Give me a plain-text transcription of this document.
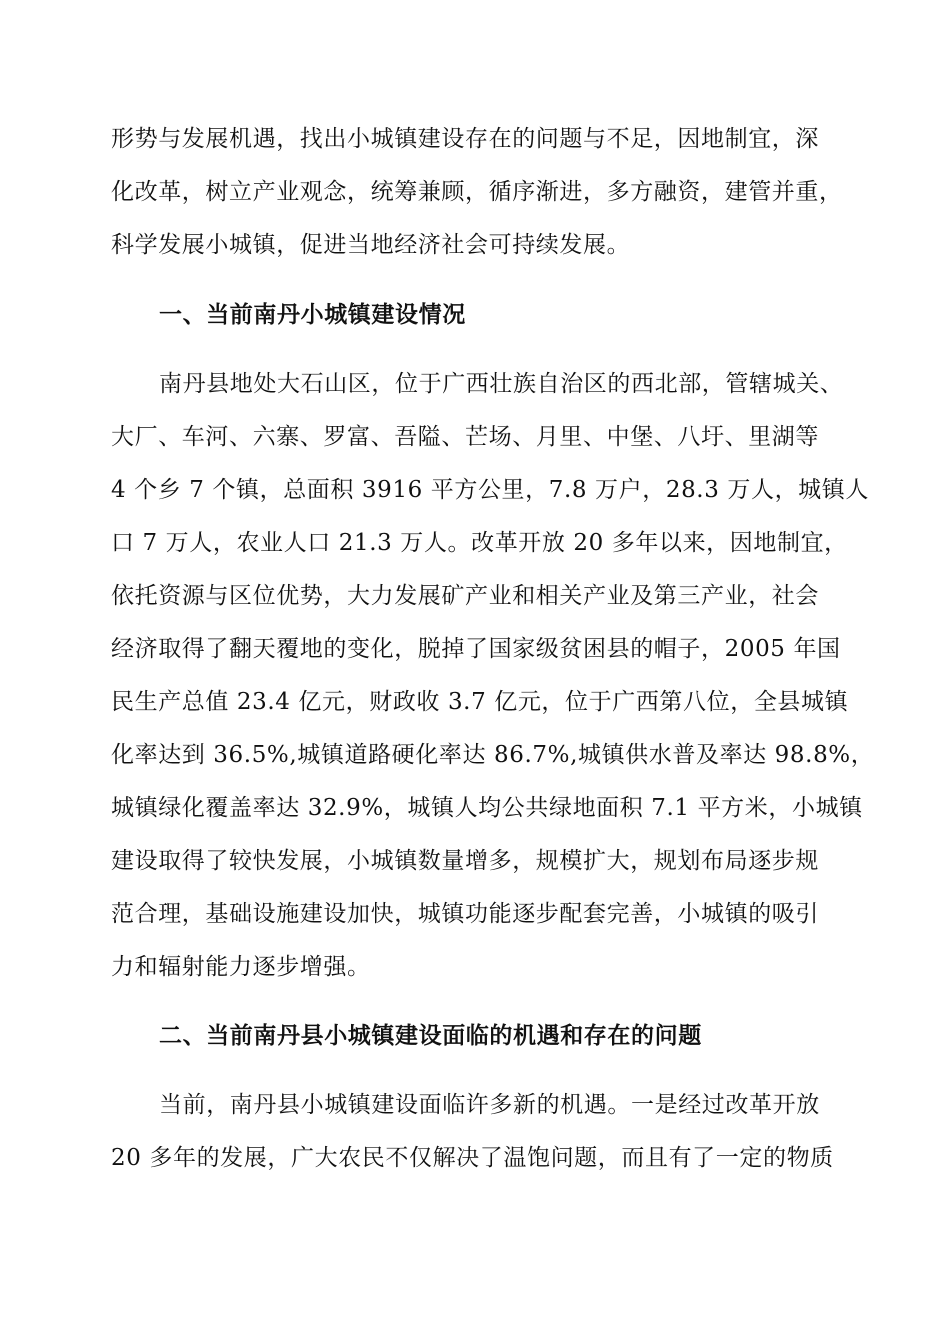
形势与发展机遇，找出小城镇建设存在的问题与不足，因地制宜，深
化改革，树立产业观念，统筹兼顾，循序渐进，多方融资，建管并重，
科学发展小城镇，促进当地经济社会可持续发展。
一、当前南丹小城镇建设情况
南丹县地处大石山区，位于广西壮族自治区的西北部，管辖城关、
大厂、车河、六寨、罗富、吾隘、芒场、月里、中堡、八圩、里湖等
4 个乡 7 个镇，总面积 3916 平方公里，7.8 万户，28.3 万人，城镇人
口 7 万人，农业人口 21.3 万人。改革开放 20 多年以来，因地制宜，
依托资源与区位优势，大力发展矿产业和相关产业及第三产业，社会
经济取得了翻天覆地的变化，脱掉了国家级贫困县的帽子，2005 年国
民生产总值 23.4 亿元，财政收 3.7 亿元，位于广西第八位，全县城镇
化率达到 36.5%,城镇道路硬化率达 86.7%,城镇供水普及率达 98.8%，
城镇绿化覆盖率达 32.9%，城镇人均公共绿地面积 7.1 平方米，小城镇
建设取得了较快发展，小城镇数量增多，规模扩大，规划布局逐步规
范合理，基础设施建设加快，城镇功能逐步配套完善，小城镇的吸引
力和辐射能力逐步增强。
二、当前南丹县小城镇建设面临的机遇和存在的问题
当前，南丹县小城镇建设面临许多新的机遇。一是经过改革开放
20 多年的发展，广大农民不仅解决了温饱问题，而且有了一定的物质
